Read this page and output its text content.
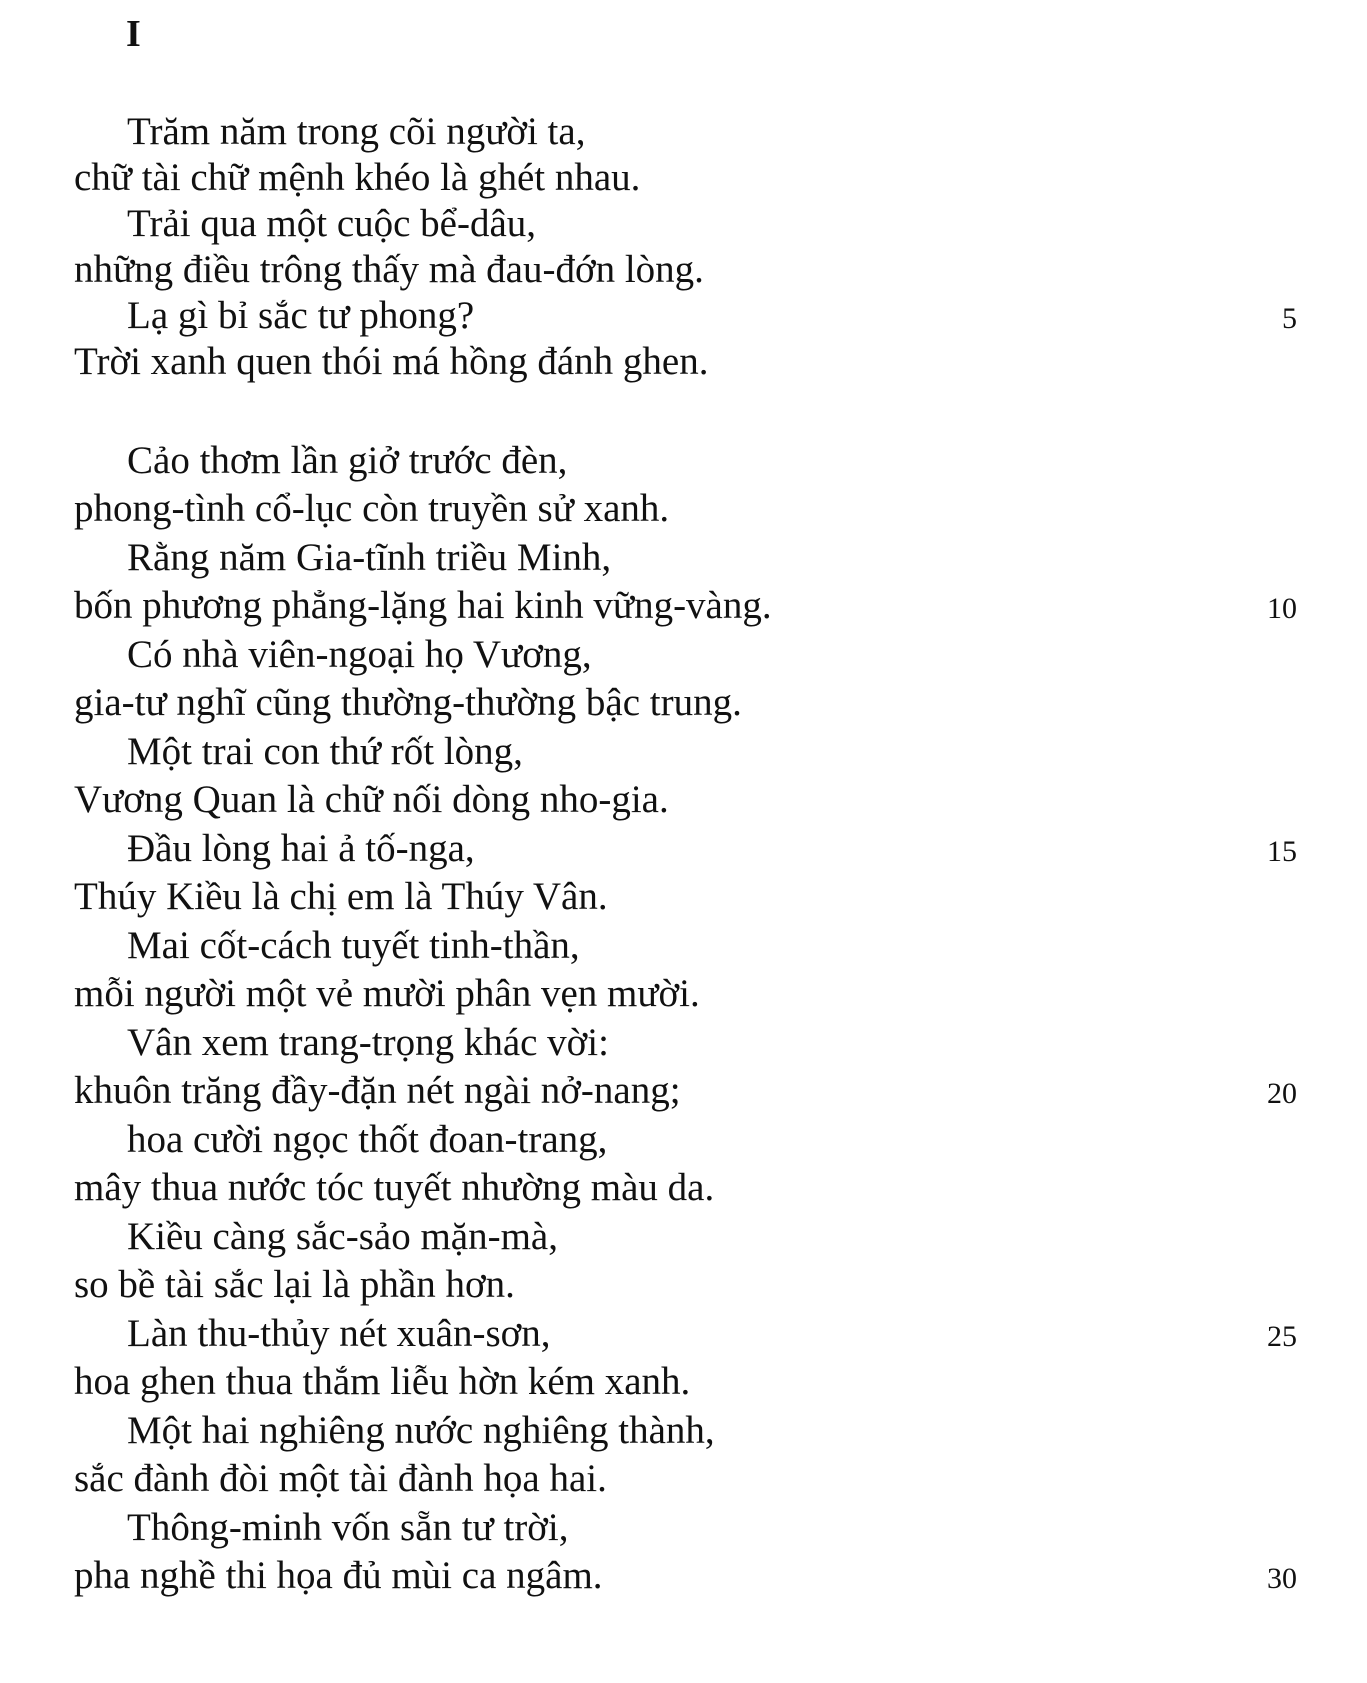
I
Trăm năm trong cõi người ta,
chữ tài chữ mệnh khéo là ghét nhau.
Trải qua một cuộc bể-dâu,
những điều trông thấy mà đau-đớn lòng.
Lạ gì bỉ sắc tư phong?	5
Trời xanh quen thói má hồng đánh ghen.
Cảo thơm lần giở trước đèn,
phong-tình cổ-lục còn truyền sử xanh.
Rằng năm Gia-tĩnh triều Minh,
bốn phương phẳng-lặng hai kinh vững-vàng.	10
Có nhà viên-ngoại họ Vương,
gia-tư nghĩ cũng thường-thường bậc trung.
Một trai con thứ rốt lòng,
Vương Quan là chữ nối dòng nho-gia.
Đầu lòng hai ả tố-nga,	15
Thúy Kiều là chị em là Thúy Vân.
Mai cốt-cách tuyết tinh-thần,
mỗi người một vẻ mười phân vẹn mười.
Vân xem trang-trọng khác vời:
khuôn trăng đầy-đặn nét ngài nở-nang;	20
hoa cười ngọc thốt đoan-trang,
mây thua nước tóc tuyết nhường màu da.
Kiều càng sắc-sảo mặn-mà,
so bề tài sắc lại là phần hơn.
Làn thu-thủy nét xuân-sơn,	25
hoa ghen thua thắm liễu hờn kém xanh.
Một hai nghiêng nước nghiêng thành,
sắc đành đòi một tài đành họa hai.
Thông-minh vốn sẵn tư trời,
pha nghề thi họa đủ mùi ca ngâm.	30
